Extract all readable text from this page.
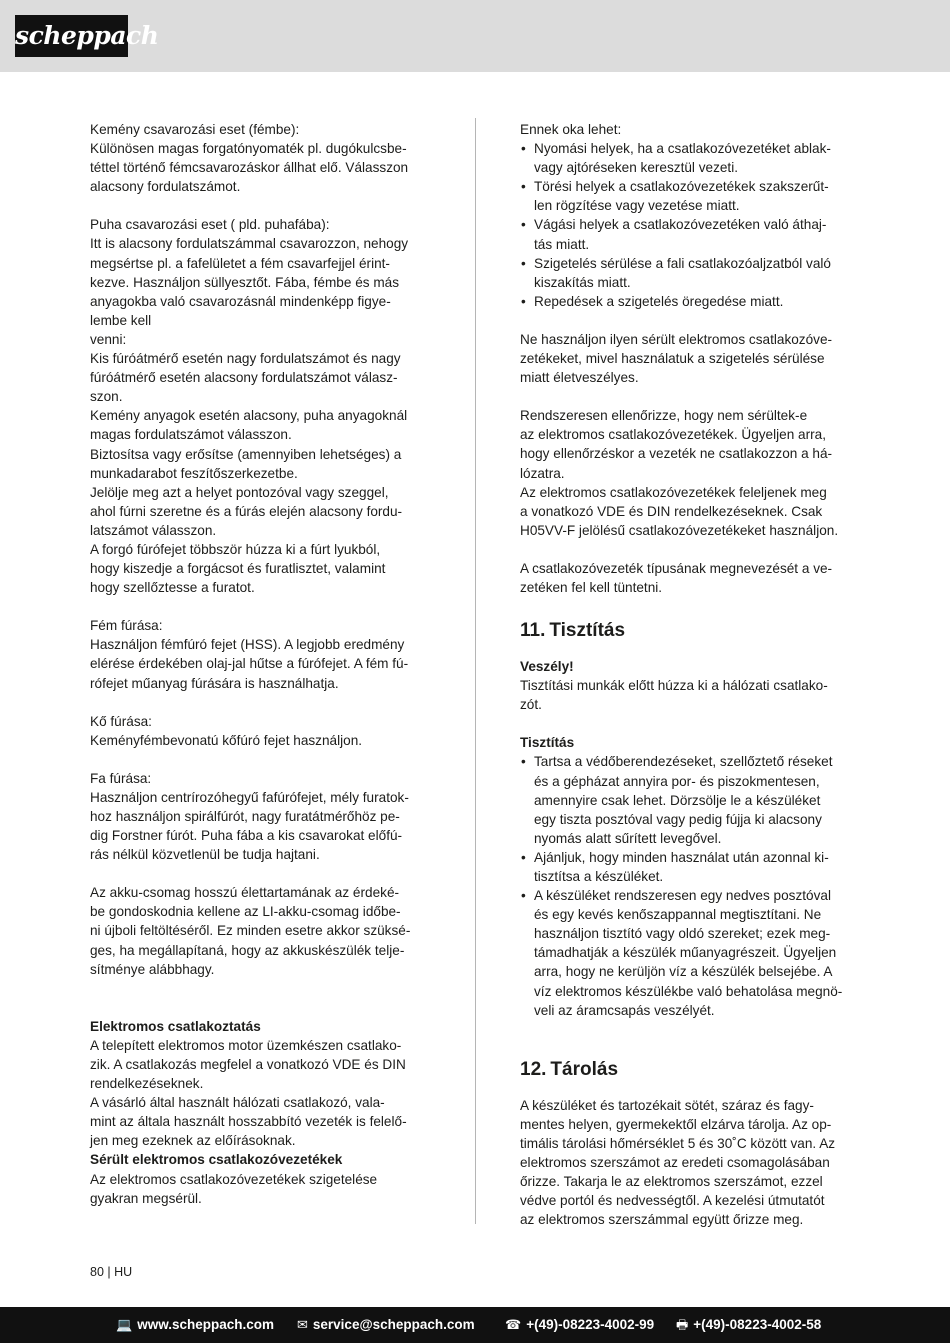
scheppach

Kemény csavarozási eset (fémbe):
Különösen magas forgatónyomaték pl. dugókulcsbe-
téttel történő fémcsavarozáskor állhat elő. Válasszon
alacsony fordulatszámot.

Puha csavarozási eset ( pld. puhafába):
Itt is alacsony fordulatszámmal csavarozzon, nehogy
megsértse pl. a fafelületet a fém csavarfejjel érint-
kezve. Használjon süllyesztőt. Fába, fémbe és más
anyagokba való csavarozásnál mindenképp figye-
lembe kell
venni:
Kis fúróátmérő esetén nagy fordulatszámot és nagy
fúróátmérő esetén alacsony fordulatszámot válasz-
szon.
Kemény anyagok esetén alacsony, puha anyagoknál
magas fordulatszámot válasszon.
Biztosítsa vagy erősítse (amennyiben lehetséges) a
munkadarabot feszítőszerkezetbe.
Jelölje meg azt a helyet pontozóval vagy szeggel,
ahol fúrni szeretne és a fúrás elején alacsony fordu-
latszámot válasszon.
A forgó fúrófejet többször húzza ki a fúrt lyukból,
hogy kiszedje a forgácsot és furatlisztet, valamint
hogy szellőztesse a furatot.

Fém fúrása:
Használjon fémfúró fejet (HSS). A legjobb eredmény
elérése érdekében olaj-jal hűtse a fúrófejet. A fém fú-
rófejet műanyag fúrására is használhatja.

Kő fúrása:
Keményfémbevonatú kőfúró fejet használjon.

Fa fúrása:
Használjon centrírozóhegyű fafúrófejet, mély furatok-
hoz használjon spirálfúrót, nagy furatátmérőhöz pe-
dig Forstner fúrót. Puha fába a kis csavarokat előfú-
rás nélkül közvetlenül be tudja hajtani.

Az akku-csomag hosszú élettartamának az érdeké-
be gondoskodnia kellene az LI-akku-csomag időbe-
ni újboli feltöltéséről. Ez minden esetre akkor szüksé-
ges, ha megállapítaná, hogy az akkuskészülék telje-
sítménye alábbhagy.

Elektromos csatlakoztatás

A telepített elektromos motor üzemkészen csatlako-
zik. A csatlakozás megfelel a vonatkozó VDE és DIN
rendelkezéseknek.
A vásárló által használt hálózati csatlakozó, vala-
mint az általa használt hosszabbító vezeték is felelő-
jen meg ezeknek az előírásoknak.

Sérült elektromos csatlakozóvezetékek

Az elektromos csatlakozóvezetékek szigetelése
gyakran megsérül.

Ennek oka lehet:

• Nyomási helyek, ha a csatlakozóvezetéket ablak-
vagy ajtóréseken keresztül vezeti.
• Törési helyek a csatlakozóvezetékek szakszerűt-
len rögzítése vagy vezetése miatt.
• Vágási helyek a csatlakozóvezetéken való áthaj-
tás miatt.
• Szigetelés sérülése a fali csatlakozóaljzatból való
kiszakítás miatt.
• Repedések a szigetelés öregedése miatt.

Ne használjon ilyen sérült elektromos csatlakozóve-
zetékeket, mivel használatuk a szigetelés sérülése
miatt életveszélyes.

Rendszeresen ellenőrizze, hogy nem sérültek-e
az elektromos csatlakozóvezetékek. Ügyeljen arra,
hogy ellenőrzéskor a vezeték ne csatlakozzon a há-
lózatra.
Az elektromos csatlakozóvezetékek feleljenek meg
a vonatkozó VDE és DIN rendelkezéseknek. Csak
H05VV-F jelölésű csatlakozóvezetékeket használjon.

A csatlakozóvezeték típusának megnevezését a ve-
zetéken fel kell tüntetni.

11. Tisztítás

Veszély!

Tisztítási munkák előtt húzza ki a hálózati csatlako-
zót.

Tisztítás

• Tartsa a védőberendezéseket, szellőztető réseket
és a gépházat annyira por- és piszokmentesen,
amennyire csak lehet. Dörzsölje le a készüléket
egy tiszta posztóval vagy pedig fújja ki alacsony
nyomás alatt sűrített levegővel.
• Ajánljuk, hogy minden használat után azonnal ki-
tisztítsa a készüléket.
• A készüléket rendszeresen egy nedves posztóval
és egy kevés kenőszappannal megtisztítani. Ne
használjon tisztító vagy oldó szereket; ezek meg-
támadhatják a készülék műanyagrészeit. Ügyeljen
arra, hogy ne kerüljön víz a készülék belsejébe. A
víz elektromos készülékbe való behatolása megnö-
veli az áramcsapás veszélyét.
12. Tárolás

A készüléket és tartozékait sötét, száraz és fagy-
mentes helyen, gyermekektől elzárva tárolja. Az op-
timális tárolási hőmérséklet 5 és 30˚C között van. Az
elektromos szerszámot az eredeti csomagolásában
őrizze. Takarja le az elektromos szerszámot, ezzel
védve portól és nedvességtől. A kezelési útmutatót
az elektromos szerszámmal együtt őrizze meg.

80 | HU
💻 www.scheppach.com ✉ service@scheppach.com ☎ +(49)-08223-4002-99 🖶 +(49)-08223-4002-58
